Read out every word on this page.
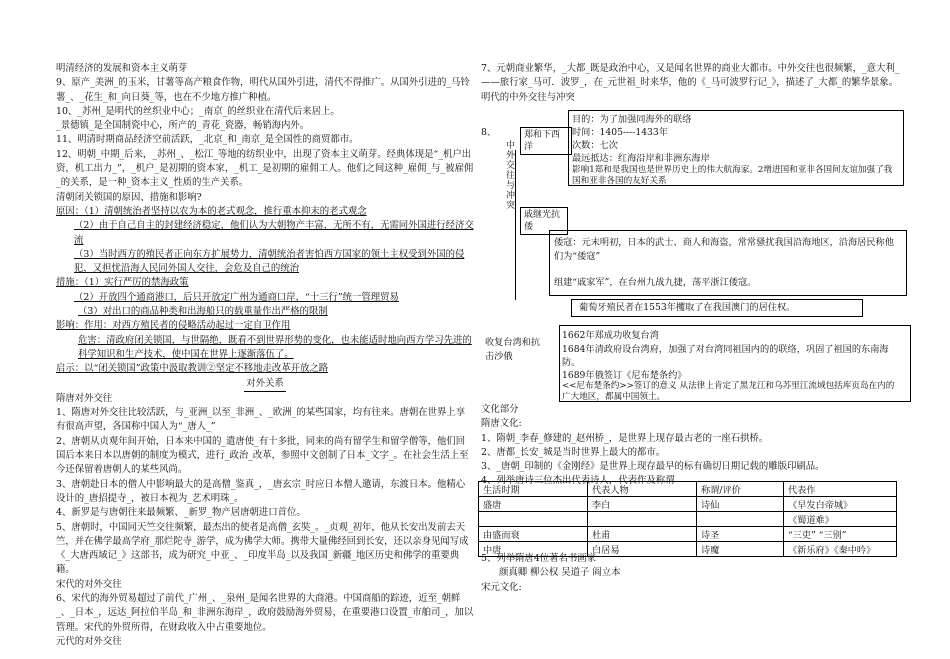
明清经济的发展和资本主义萌芽

9、原产_美洲_的玉米，甘薯等高产粮食作物，明代从国外引进，清代不得推广。从国外引进的_马铃薯_、_花生_和_向日葵_等，也在不少地方推广种植。

10、_苏州_是明代的丝织业中心；_南京_的丝织业在清代后来居上。

_景德镇_是全国制瓷中心，所产的_青花_瓷器，畅销海内外。

11、明清时期商品经济空前活跃，_北京_和_南京_是全国性的商贸都市。

12、明朝_中期_后来，_苏州_、_松江_等地的纺织业中，出现了资本主义萌芽。经典体现是“_机户出资，机工出力_”，_机户_是初期的资本家，_机工_是初期的雇佣工人。他们之间这种_雇佣_与_被雇佣_的关系，是一种_资本主义_性质的生产关系。

清朝闭关锁国的原因、措施和影响?

原因：（1）清朝统治者坚持以农为本的老式观念，推行重本抑末的老式观念

（2）由于自己自主的封建经济稳定，他们认为大朝物产丰富，无所不有，无需同外国进行经济交流

（3）当时西方的殖民者正向东方扩展势力，清朝统治者害怕西方国家的领土主权受到外国的侵犯，又担忧沿海人民同外国人交往，会危及自己的统治

措施：（1）实行严厉的禁海政策

（2）开放四个通商港口，后只开放定广州为通商口岸，“十三行”统一管理贸易

（3）对出口的商品种类和出海船只的载重量作出严格的限制

影响：作用：对西方殖民者的侵略活动起过一定自卫作用

危害：清政府闭关锁国，与世隔绝，既看不到世界形势的变化，也未能适时地向西方学习先进的科学知识和生产技术，使中国在世界上逐渐落伍了。

启示：以“闭关锁国”政策中汲取教训②坚定不移地走改革开放之路

对外关系

隋唐对外交往

1、隋唐对外交往比较活跃，与_亚洲_以至_非洲_、_欧洲_的某些国家，均有往来。唐朝在世界上享有很高声望，各国称中国人为“_唐人_”

2、唐朝从贞观年间开始，日本来中国的_遣唐使_有十多批，同来的尚有留学生和留学僧等，他们回国后本来日本以唐朝的制度为模式，进行_政治_改革，参照中文创制了日本_文字_。在社会生活上至今还保留着唐朝人的某些风尚。

3、唐朝赴日本的僧人中影响最大的是高僧_鉴真_，_唐玄宗_时应日本僧人邀请，东渡日本。他精心设计的_唐招提寺_，被日本视为_艺术明珠_。

4、新罗是与唐朝往来最频繁、_新罗_物产居唐朝进口首位。

5、唐朝时，中国同天竺交往频繁，最杰出的使者是高僧_玄奘_。_贞观_初年，他从长安出发前去天竺，并在佛学最高学府_那烂陀寺_游学，成为佛学大师。携带大量佛经回到长安，还以亲身见闻写成《_大唐西域记_》这部书，成为研究_中亚_、_印度半岛_以及我国_新疆_地区历史和佛学的重要典籍。

宋代的对外交往

6、宋代的海外贸易超过了前代_广州_、_泉州_是闻名世界的大商港。中国商船的踪迹，近至_朝鲜_、_日本_，远达_阿拉伯半岛_和_非洲东海岸_，政府鼓励海外贸易，在重要港口设置_市舶司_，加以管理。宋代的外贸所得，在财政收入中占重要地位。

元代的对外交往

7、元朝商业繁华，_大都_既是政治中心，又是闻名世界的商业大都市。中外交往也很频繁，_意大利_——旅行家_马可．波罗_，在_元世祖_时来华，他的《_马可波罗行记_》，描述了_大都_的繁华景象。

明代的中外交往与冲突

8、
中外交往与冲突
郑和下西洋
目的：为了加强同海外的联络
时间：1405----1433年
次数：七次
最远抵达：红海沿岸和非洲东海岸
影响1郑和是我国也是世界历史上的伟大航海家。2增进国和亚非各国间友谊加强了我国和亚非各国的友好关系
戚继光抗倭
倭寇：元末明初，日本的武士、商人和海盗，常常骚扰我国沿海地区，沿海居民称他们为“倭寇”
组建“戚家军”，在台州九战九捷，荡平浙江倭寇。
葡萄牙殖民者在1553年攫取了在我国澳门的居住权。
收复台湾和抗击沙俄
1662年郑成功收复台湾
1684年清政府设台湾府，加强了对台湾同祖国内的的联络，巩固了祖国的东南海防。
1689年俄签订《尼布楚条约》
<<尼布楚条约>>签订的意义 从法律上肯定了黑龙江和乌苏里江流域包括库页岛在内的广大地区，都属中国领土。

文化部分

隋唐文化:

1、隋朝_李春_修建的_赵州桥_，是世界上现存最古老的一座石拱桥。

2、唐都_长安_城是当时世界上最大的都市。

3、_唐朝_印制的《金刚经》是世界上现存最早的标有确切日期记载的雕版印刷品。

4、列举唐诗三位杰出代表诗人，代表作及称谓

生活时期	代表人物	称谓/评价	代表作
盛唐	李白	诗仙	《早发白帝城》
			《蜀道难》
由盛而衰	杜甫	诗圣	“三吏” “三别”
中唐	白居易	诗魔	《新乐府》《秦中吟》

5、列举隋唐4位著名书画家

颜真卿 柳公权 吴道子 阎立本

宋元文化:
